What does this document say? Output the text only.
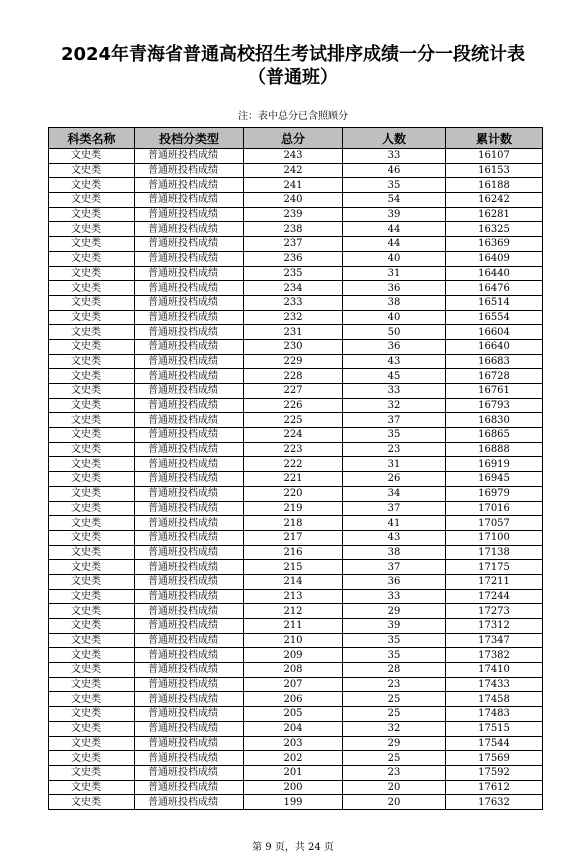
2024年青海省普通高校招生考试排序成绩一分一段统计表
（普通班）
注：表中总分已含照顾分
科类名称	投档分类型	总分	人数	累计数
文史类	普通班投档成绩	243	33	16107
文史类	普通班投档成绩	242	46	16153
文史类	普通班投档成绩	241	35	16188
文史类	普通班投档成绩	240	54	16242
文史类	普通班投档成绩	239	39	16281
文史类	普通班投档成绩	238	44	16325
文史类	普通班投档成绩	237	44	16369
文史类	普通班投档成绩	236	40	16409
文史类	普通班投档成绩	235	31	16440
文史类	普通班投档成绩	234	36	16476
文史类	普通班投档成绩	233	38	16514
文史类	普通班投档成绩	232	40	16554
文史类	普通班投档成绩	231	50	16604
文史类	普通班投档成绩	230	36	16640
文史类	普通班投档成绩	229	43	16683
文史类	普通班投档成绩	228	45	16728
文史类	普通班投档成绩	227	33	16761
文史类	普通班投档成绩	226	32	16793
文史类	普通班投档成绩	225	37	16830
文史类	普通班投档成绩	224	35	16865
文史类	普通班投档成绩	223	23	16888
文史类	普通班投档成绩	222	31	16919
文史类	普通班投档成绩	221	26	16945
文史类	普通班投档成绩	220	34	16979
文史类	普通班投档成绩	219	37	17016
文史类	普通班投档成绩	218	41	17057
文史类	普通班投档成绩	217	43	17100
文史类	普通班投档成绩	216	38	17138
文史类	普通班投档成绩	215	37	17175
文史类	普通班投档成绩	214	36	17211
文史类	普通班投档成绩	213	33	17244
文史类	普通班投档成绩	212	29	17273
文史类	普通班投档成绩	211	39	17312
文史类	普通班投档成绩	210	35	17347
文史类	普通班投档成绩	209	35	17382
文史类	普通班投档成绩	208	28	17410
文史类	普通班投档成绩	207	23	17433
文史类	普通班投档成绩	206	25	17458
文史类	普通班投档成绩	205	25	17483
文史类	普通班投档成绩	204	32	17515
文史类	普通班投档成绩	203	29	17544
文史类	普通班投档成绩	202	25	17569
文史类	普通班投档成绩	201	23	17592
文史类	普通班投档成绩	200	20	17612
文史类	普通班投档成绩	199	20	17632
第 9 页，共 24 页
